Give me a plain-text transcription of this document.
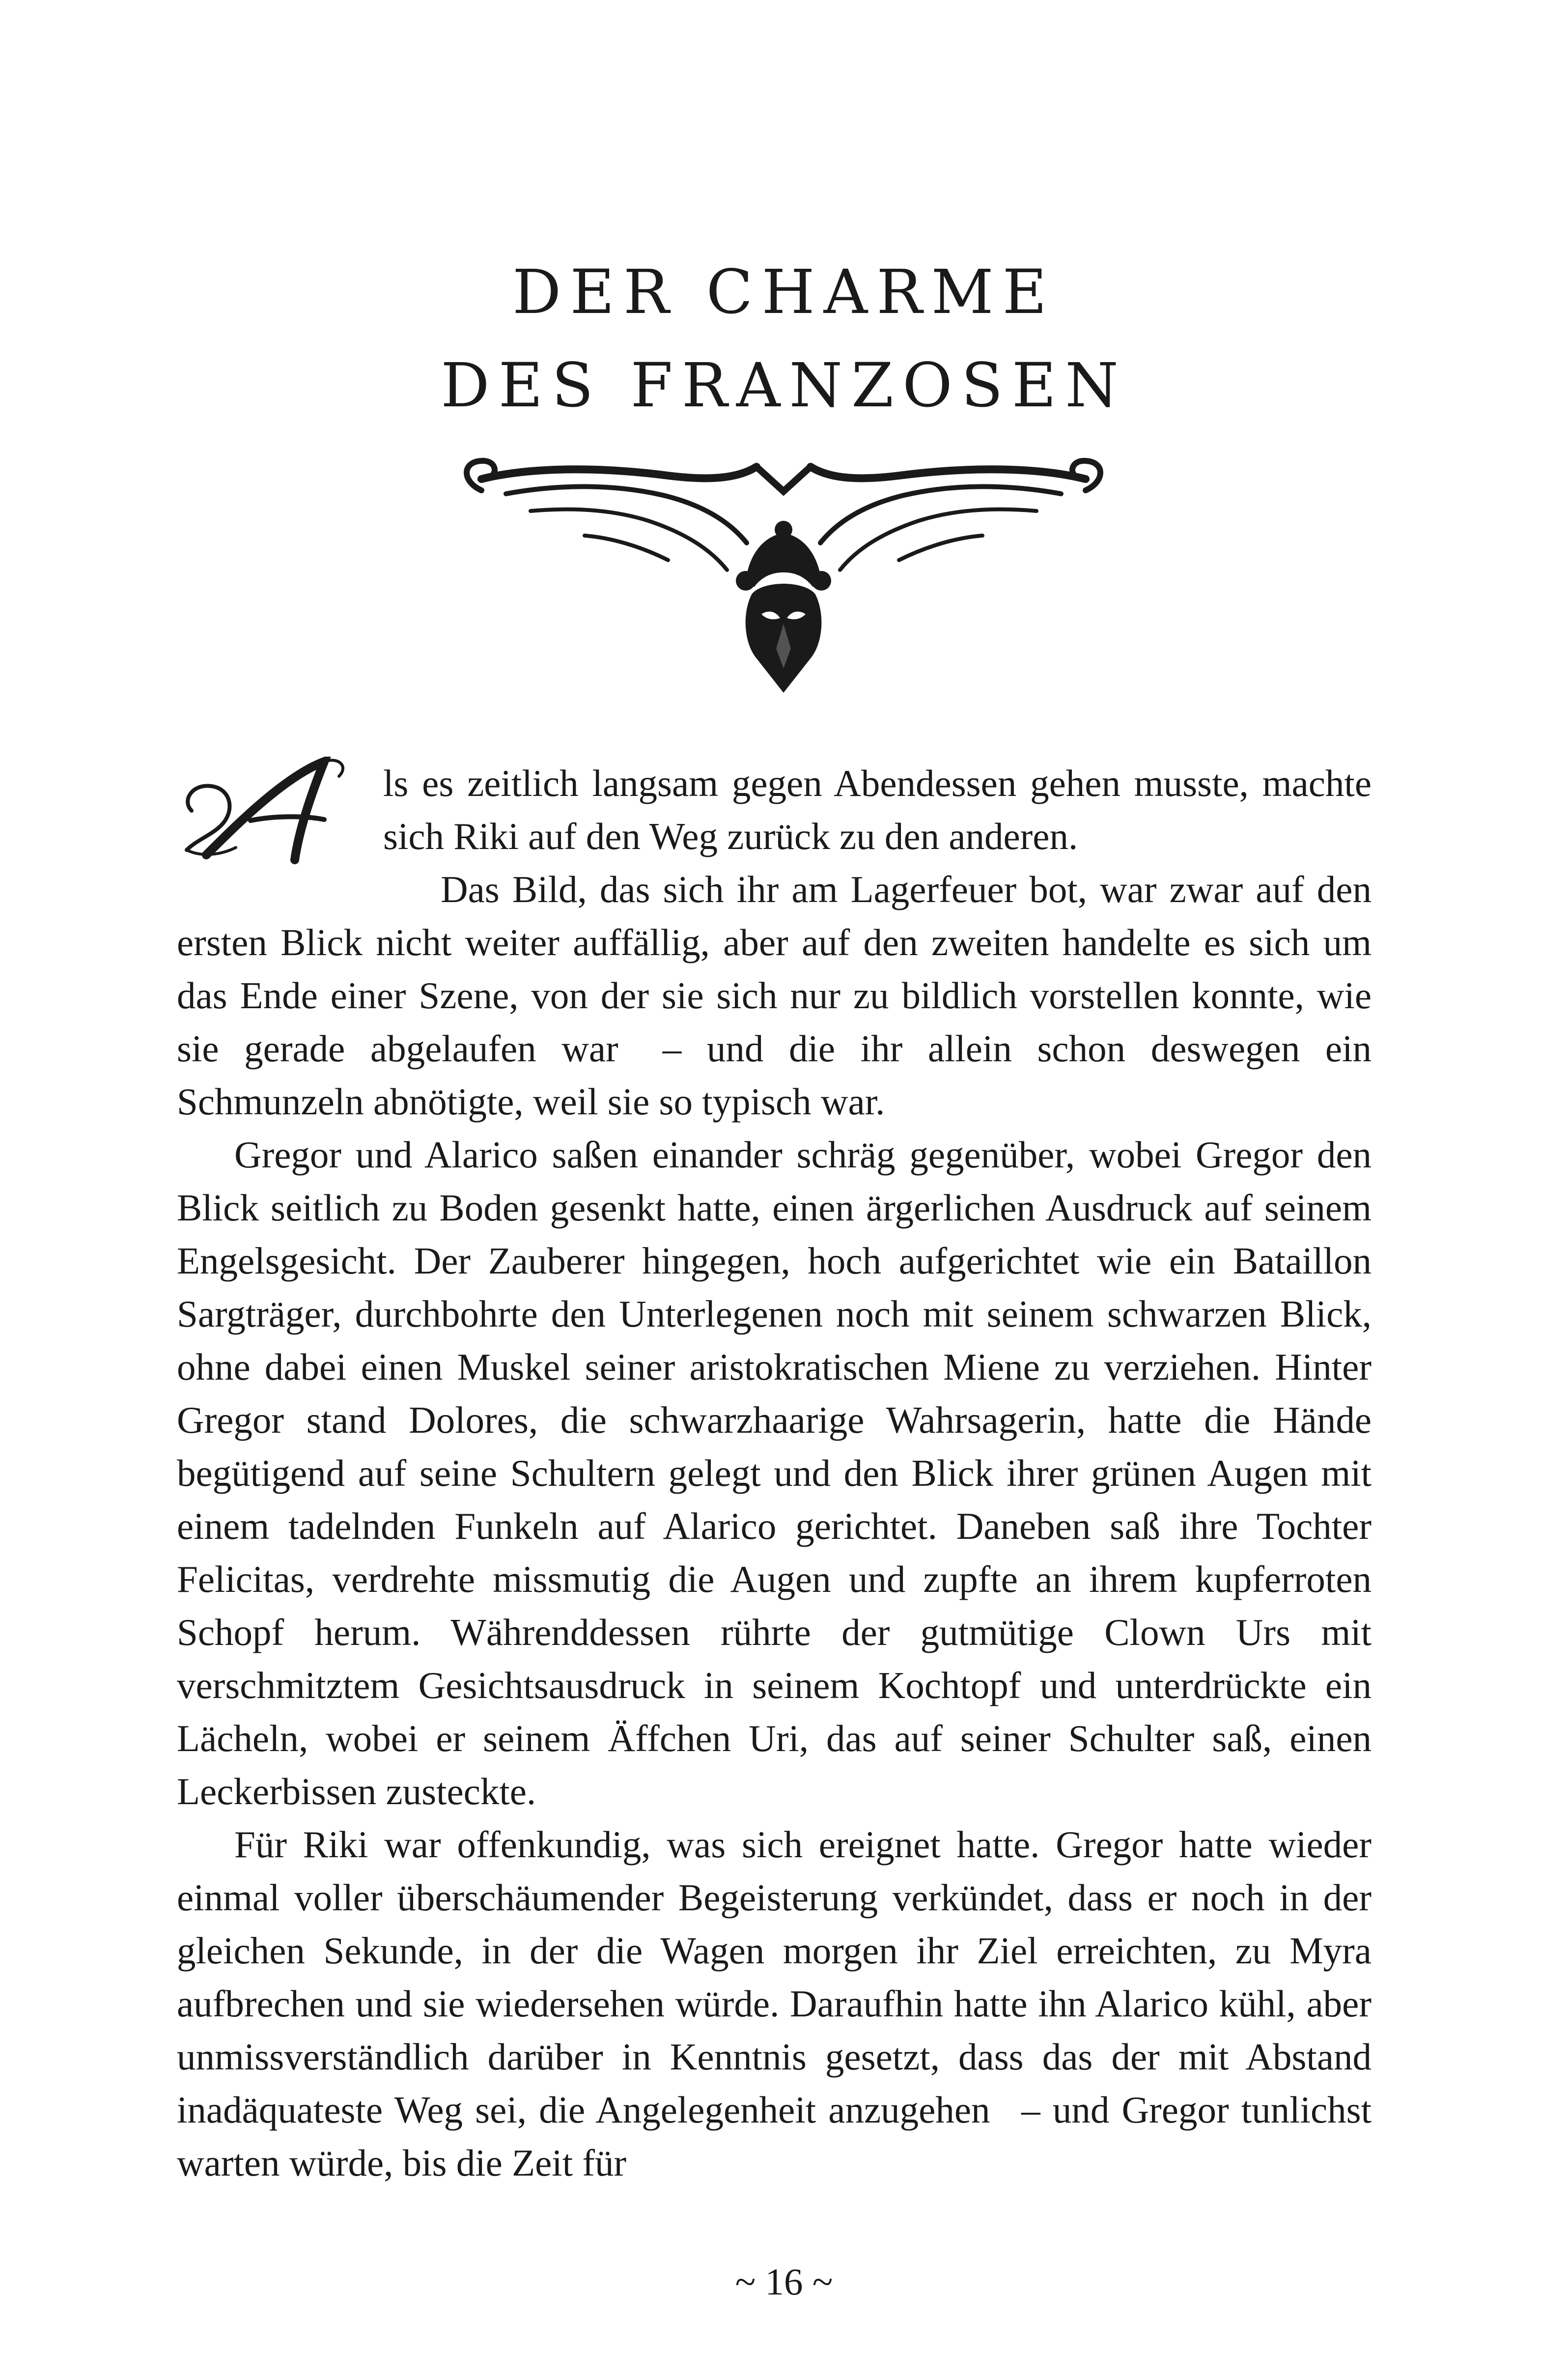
DER CHARME
DES FRANZOSEN

A
ls es zeitlich langsam gegen Abendessen gehen musste, machte sich Riki auf den Weg zurück zu den anderen.

Das Bild, das sich ihr am Lagerfeuer bot, war zwar auf den ersten Blick nicht weiter auffällig, aber auf den zweiten handelte es sich um das Ende einer Szene, von der sie sich nur zu bildlich vorstellen konnte, wie sie gerade abgelaufen war  – und die ihr allein schon deswegen ein Schmunzeln abnötigte, weil sie so typisch war.

Gregor und Alarico saßen einander schräg gegenüber, wobei Gregor den Blick seitlich zu Boden gesenkt hatte, einen ärgerlichen Ausdruck auf seinem Engelsgesicht. Der Zauberer hingegen, hoch aufgerichtet wie ein Bataillon Sargträger, durchbohrte den Unterlegenen noch mit seinem schwarzen Blick, ohne dabei einen Muskel seiner aristokratischen Miene zu verziehen. Hinter Gregor stand Dolores, die schwarzhaarige Wahrsagerin, hatte die Hände begütigend auf seine Schultern gelegt und den Blick ihrer grünen Augen mit einem tadelnden Funkeln auf Alarico gerichtet. Daneben saß ihre Tochter Felicitas, verdrehte missmutig die Augen und zupfte an ihrem kupferroten Schopf herum. Währenddessen rührte der gutmütige Clown Urs mit verschmitztem Gesichtsausdruck in seinem Kochtopf und unterdrückte ein Lächeln, wobei er seinem Äffchen Uri, das auf seiner Schulter saß, einen Leckerbissen zusteckte.

Für Riki war offenkundig, was sich ereignet hatte. Gregor hatte wieder einmal voller überschäumender Begeisterung verkündet, dass er noch in der gleichen Sekunde, in der die Wagen morgen ihr Ziel erreichten, zu Myra aufbrechen und sie wiedersehen würde. Daraufhin hatte ihn Alarico kühl, aber unmissverständlich darüber in Kenntnis gesetzt, dass das der mit Abstand inadäquateste Weg sei, die Angelegenheit anzugehen  – und Gregor tunlichst warten würde, bis die Zeit für

~ 16 ~
